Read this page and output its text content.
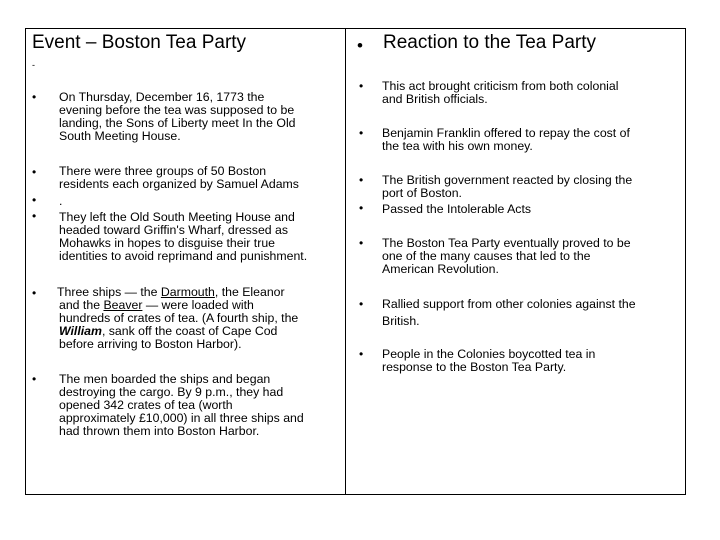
Event – Boston Tea Party
-
•
•
•
•
•
•
On Thursday, December 16, 1773 the
evening before the tea was supposed to be
landing, the Sons of Liberty meet In the Old
South Meeting House.
There were three groups of 50 Boston
residents each organized by Samuel Adams
.
They left the Old South Meeting House and
headed toward Griffin's Wharf, dressed as
Mohawks in hopes to disguise their true
identities to avoid reprimand and punishment.
Three ships — the Darmouth, the Eleanor
and the Beaver — were loaded with
hundreds of crates of tea. (A fourth ship, the
William, sank off the coast of Cape Cod
before arriving to Boston Harbor).
The men boarded the ships and began
destroying the cargo. By 9 p.m., they had
opened 342 crates of tea (worth
approximately £10,000) in all three ships and
had thrown them into Boston Harbor.
• Reaction to the Tea Party
•
•
•
•
•
•
•
This act brought criticism from both colonial
and British officials.
Benjamin Franklin offered to repay the cost of
the tea with his own money.
The British government reacted by closing the
port of Boston.
Passed the Intolerable Acts
The Boston Tea Party eventually proved to be
one of the many causes that led to the
American Revolution.
Rallied support from other colonies against the
British.
People in the Colonies boycotted tea in
response to the Boston Tea Party.
